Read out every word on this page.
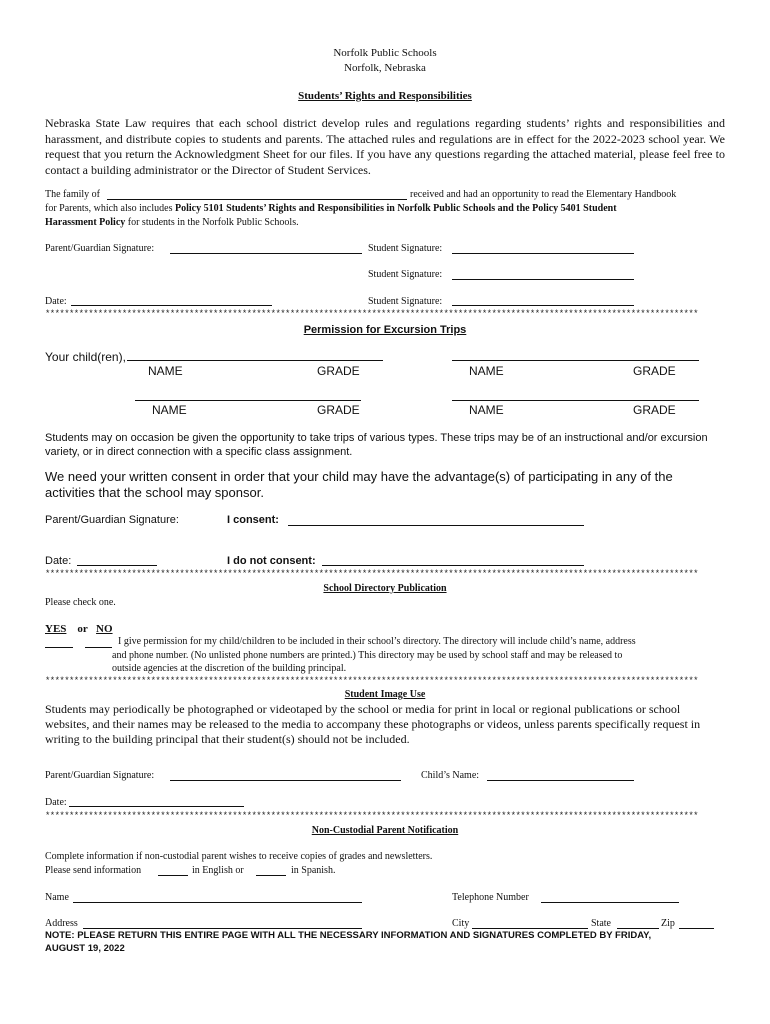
Norfolk Public Schools
Norfolk, Nebraska
Students’ Rights and Responsibilities
Nebraska State Law requires that each school district develop rules and regulations regarding students’ rights and responsibilities and harassment, and distribute copies to students and parents. The attached rules and regulations are in effect for the 2022-2023 school year. We request that you return the Acknowledgment Sheet for our files. If you have any questions regarding the attached material, please feel free to contact a building administrator or the Director of Student Services.
The family of	received and had an opportunity to read the Elementary Handbook
for Parents, which also includes Policy 5101 Students’ Rights and Responsibilities in Norfolk Public Schools and the Policy 5401 Student
Harassment Policy for students in the Norfolk Public Schools.
Parent/Guardian Signature:	Student Signature:
Student Signature:
Date:	Student Signature:
****************************************************************************************************************************************
Permission for Excursion Trips
Your child(ren),
NAME	GRADE	NAME	GRADE
NAME	GRADE	NAME	GRADE
Students may on occasion be given the opportunity to take trips of various types. These trips may be of an instructional and/or excursion variety, or in direct connection with a specific class assignment.
We need your written consent in order that your child may have the advantage(s) of participating in any of the activities that the school may sponsor.
Parent/Guardian Signature:	I consent:
Date:	I do not consent:
****************************************************************************************************************************************
School Directory Publication
Please check one.
YES or NO
I give permission for my child/children to be included in their school’s directory. The directory will include child’s name, address
and phone number. (No unlisted phone numbers are printed.) This directory may be used by school staff and may be released to
outside agencies at the discretion of the building principal.
****************************************************************************************************************************************
Student Image Use
Students may periodically be photographed or videotaped by the school or media for print in local or regional publications or school websites, and their names may be released to the media to accompany these photographs or videos, unless parents specifically request in writing to the building principal that their student(s) should not be included.
Parent/Guardian Signature:	Child’s Name:
Date:
****************************************************************************************************************************************
Non-Custodial Parent Notification
Complete information if non-custodial parent wishes to receive copies of grades and newsletters.
Please send information	in English or	in Spanish.
Name	Telephone Number
Address	City	State	Zip
NOTE: PLEASE RETURN THIS ENTIRE PAGE WITH ALL THE NECESSARY INFORMATION AND SIGNATURES COMPLETED BY FRIDAY,
AUGUST 19, 2022
